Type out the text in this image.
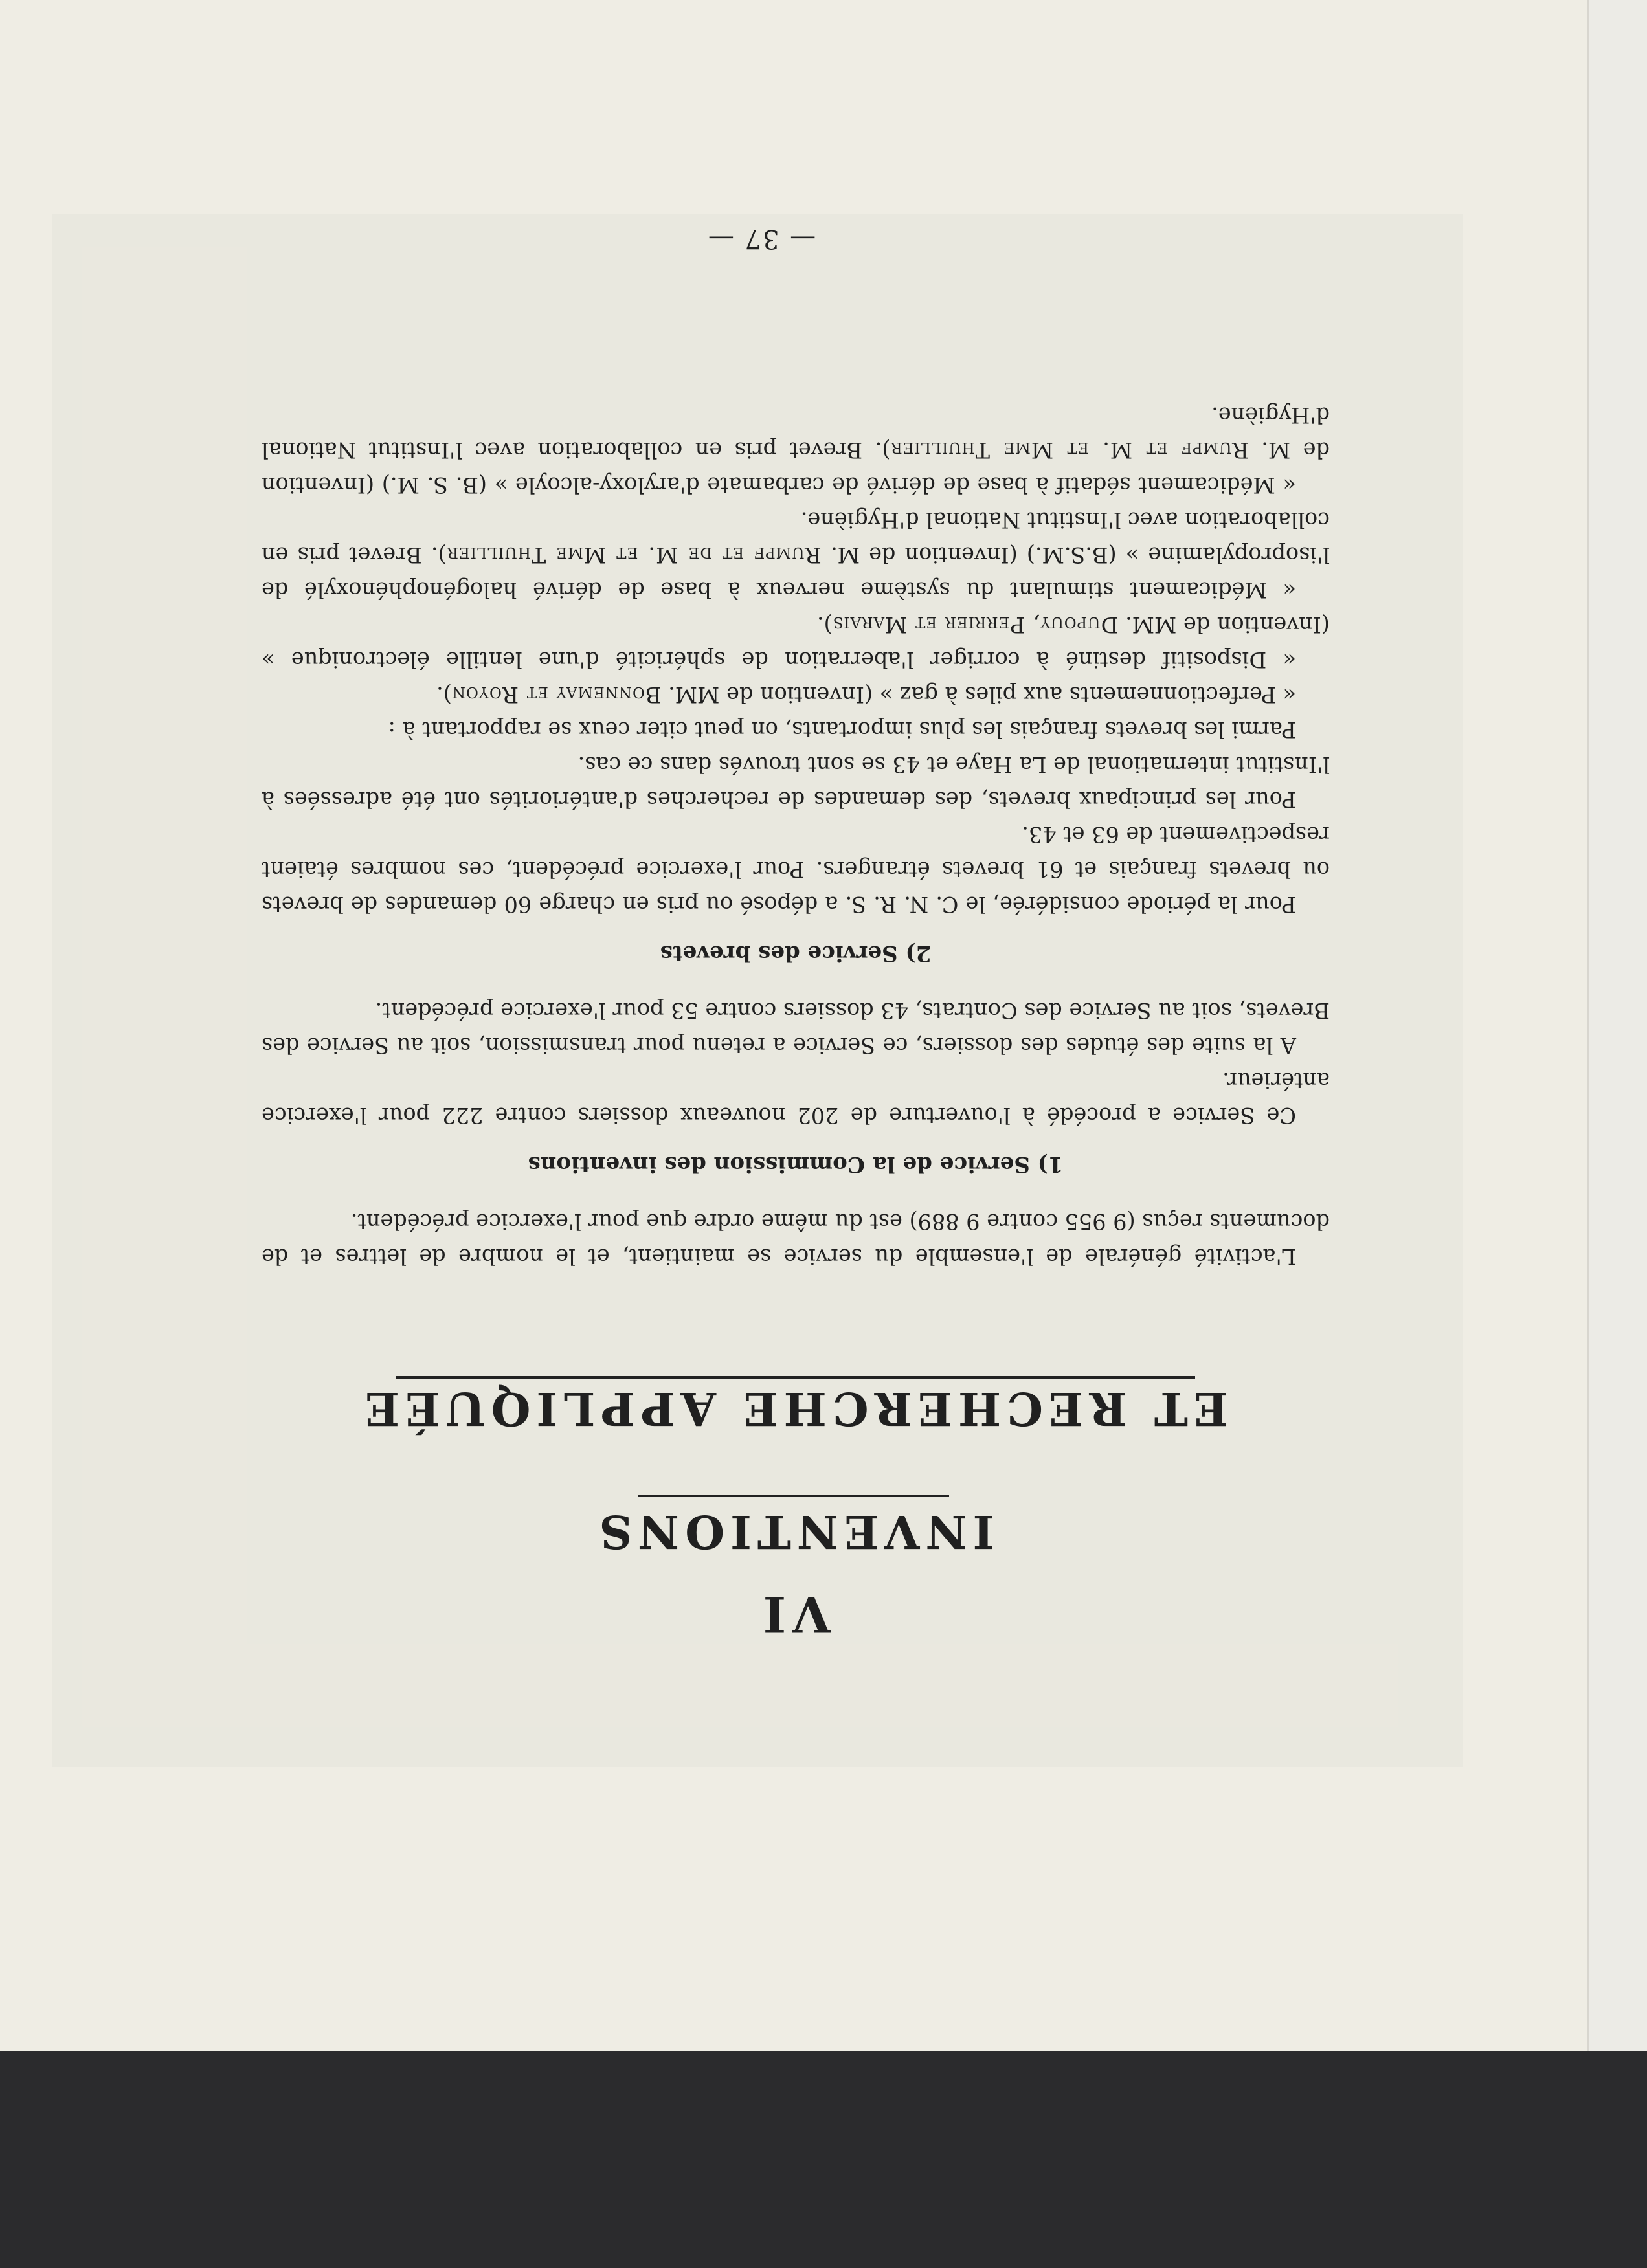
VI
INVENTIONS
ET RECHERCHE APPLIQUÉE

L'activité générale de l'ensemble du service se maintient, et le nombre de lettres et de documents reçus (9 955 contre 9 889) est du même ordre que pour l'exercice précédent.

1) Service de la Commission des inventions

Ce Service a procédé à l'ouverture de 202 nouveaux dossiers contre 222 pour l'exercice antérieur.

A la suite des études des dossiers, ce Service a retenu pour transmission, soit au Service des Brevets, soit au Service des Contrats, 43 dossiers contre 53 pour l'exercice précédent.

2) Service des brevets

Pour la période considérée, le C. N. R. S. a déposé ou pris en charge 60 demandes de brevets ou brevets français et 61 brevets étrangers. Pour l'exercice précédent, ces nombres étaient respectivement de 63 et 43.

Pour les principaux brevets, des demandes de recherches d'antériorités ont été adressées à l'Institut international de La Haye et 43 se sont trouvés dans ce cas.

Parmi les brevets français les plus importants, on peut citer ceux se rapportant à :

« Perfectionnements aux piles à gaz » (Invention de MM. Bonnemay et Royon).

« Dispositif destiné à corriger l'aberration de sphéricité d'une lentille électronique » (Invention de MM. Dupouy, Perrier et Marais).

« Médicament stimulant du système nerveux à base de dérivé halogénophénoxylé de l'isopropylamine » (B.S.M.) (Invention de M. Rumpf et de M. et Mme Thuillier). Brevet pris en collaboration avec l'Institut National d'Hygiène.

« Médicament sédatif à base de dérivé de carbamate d'aryloxy-alcoyle » (B. S. M.) (Invention de M. Rumpf et M. et Mme Thuillier). Brevet pris en collaboration avec l'Institut National d'Hygiène.

— 37 —
